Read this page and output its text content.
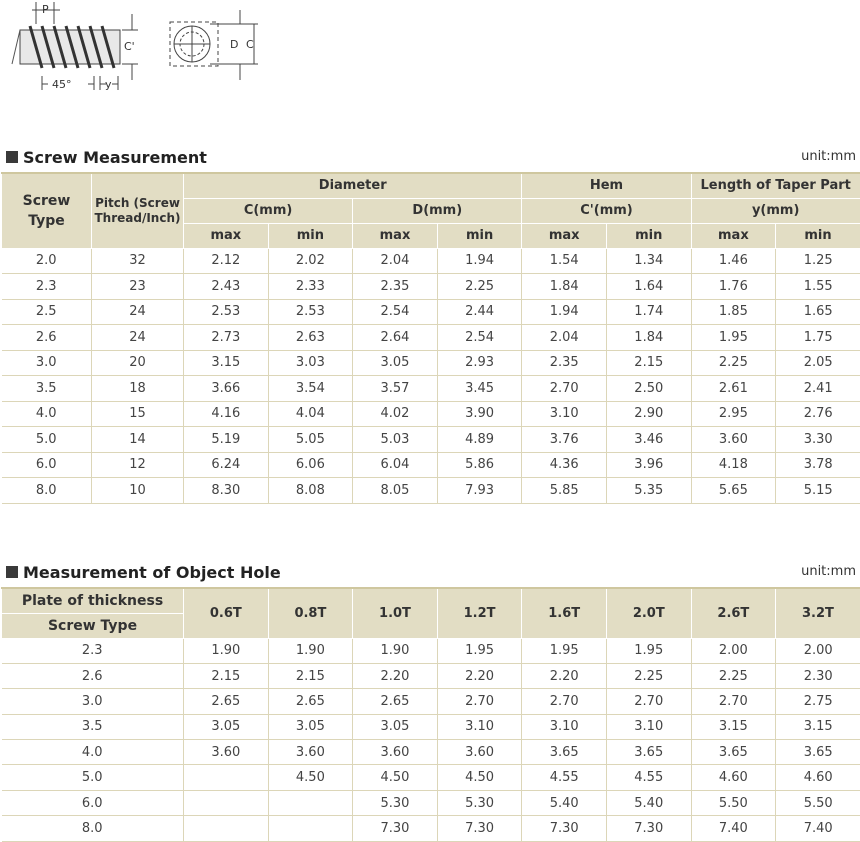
P
C'
45°	y
D C
Screw Measurement	unit:mm
Screw
Type	Pitch (Screw
Thread/Inch)	Diameter				Hem		Length of Taper Part	
		C(mm)		D(mm)		C'(mm)		y(mm)	
		max	min	max	min	max	min	max	min
2.0	32	2.12	2.02	2.04	1.94	1.54	1.34	1.46	1.25
2.3	23	2.43	2.33	2.35	2.25	1.84	1.64	1.76	1.55
2.5	24	2.53	2.53	2.54	2.44	1.94	1.74	1.85	1.65
2.6	24	2.73	2.63	2.64	2.54	2.04	1.84	1.95	1.75
3.0	20	3.15	3.03	3.05	2.93	2.35	2.15	2.25	2.05
3.5	18	3.66	3.54	3.57	3.45	2.70	2.50	2.61	2.41
4.0	15	4.16	4.04	4.02	3.90	3.10	2.90	2.95	2.76
5.0	14	5.19	5.05	5.03	4.89	3.76	3.46	3.60	3.30
6.0	12	6.24	6.06	6.04	5.86	4.36	3.96	4.18	3.78
8.0	10	8.30	8.08	8.05	7.93	5.85	5.35	5.65	5.15
Measurement of Object Hole	unit:mm
Plate of thickness	0.6T	0.8T	1.0T	1.2T	1.6T	2.0T	2.6T	3.2T
Screw Type								
2.3	1.90	1.90	1.90	1.95	1.95	1.95	2.00	2.00
2.6	2.15	2.15	2.20	2.20	2.20	2.25	2.25	2.30
3.0	2.65	2.65	2.65	2.70	2.70	2.70	2.70	2.75
3.5	3.05	3.05	3.05	3.10	3.10	3.10	3.15	3.15
4.0	3.60	3.60	3.60	3.60	3.65	3.65	3.65	3.65
5.0		4.50	4.50	4.50	4.55	4.55	4.60	4.60
6.0			5.30	5.30	5.40	5.40	5.50	5.50
8.0			7.30	7.30	7.30	7.30	7.40	7.40
